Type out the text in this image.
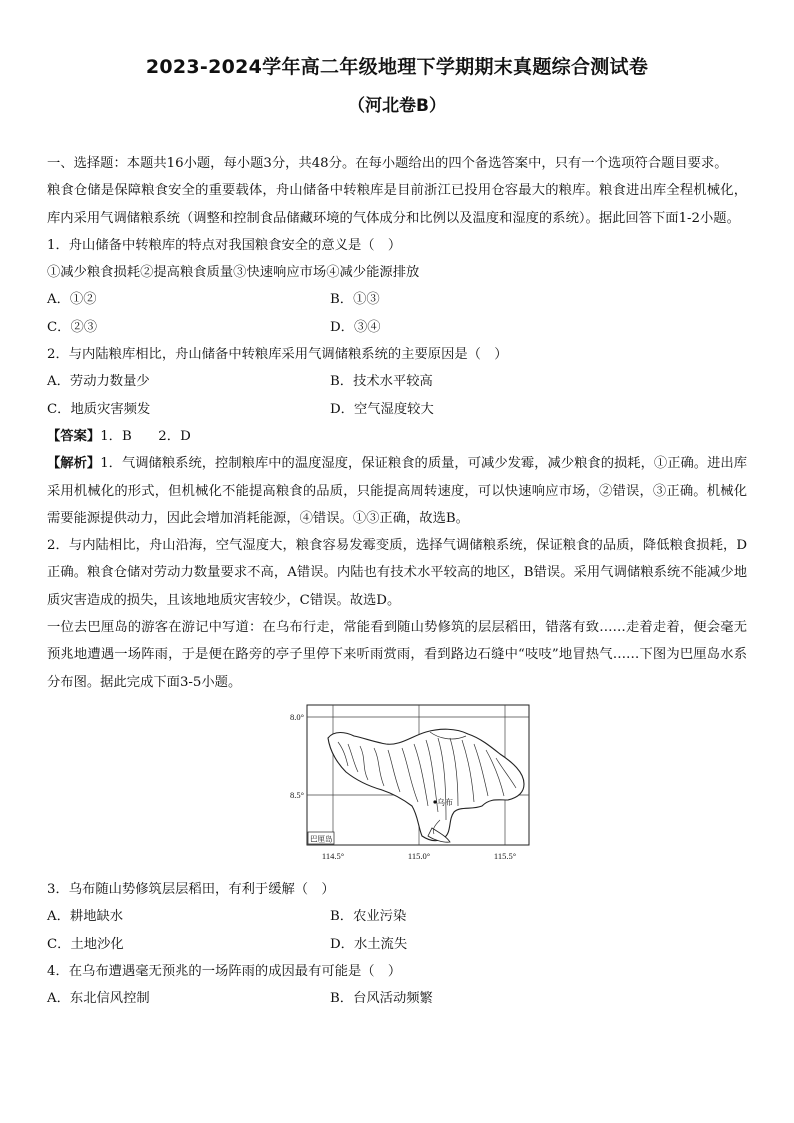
2023-2024学年高二年级地理下学期期末真题综合测试卷
（河北卷B）

一、选择题：本题共16小题，每小题3分，共48分。在每小题给出的四个备选答案中，只有一个选项符合题目要求。

粮食仓储是保障粮食安全的重要载体，舟山储备中转粮库是目前浙江已投用仓容最大的粮库。粮食进出库全程机械化，库内采用气调储粮系统（调整和控制食品储藏环境的气体成分和比例以及温度和湿度的系统）。据此回答下面1-2小题。

1．舟山储备中转粮库的特点对我国粮食安全的意义是（　）

①减少粮食损耗②提高粮食质量③快速响应市场④减少能源排放

A．①②	B．①③
C．②③	D．③④

2．与内陆粮库相比，舟山储备中转粮库采用气调储粮系统的主要原因是（　）

A．劳动力数量少	B．技术水平较高
C．地质灾害频发	D．空气湿度较大

【答案】1．B　　2．D

【解析】1．气调储粮系统，控制粮库中的温度湿度，保证粮食的质量，可减少发霉，减少粮食的损耗，①正确。进出库采用机械化的形式，但机械化不能提高粮食的品质，只能提高周转速度，可以快速响应市场，②错误，③正确。机械化需要能源提供动力，因此会增加消耗能源，④错误。①③正确，故选B。

2．与内陆相比，舟山沿海，空气湿度大，粮食容易发霉变质，选择气调储粮系统，保证粮食的品质，降低粮食损耗，D正确。粮食仓储对劳动力数量要求不高，A错误。内陆也有技术水平较高的地区，B错误。采用气调储粮系统不能减少地质灾害造成的损失，且该地地质灾害较少，C错误。故选D。

一位去巴厘岛的游客在游记中写道：在乌布行走，常能看到随山势修筑的层层稻田，错落有致……走着走着，便会毫无预兆地遭遇一场阵雨，于是便在路旁的亭子里停下来听雨赏雨，看到路边石缝中“吱吱”地冒热气……下图为巴厘岛水系分布图。据此完成下面3-5小题。

乌布
巴厘岛
8.0°
8.5°
114.5°	115.0°	115.5°

3．乌布随山势修筑层层稻田，有利于缓解（　）

A．耕地缺水	B．农业污染
C．土地沙化	D．水土流失

4．在乌布遭遇毫无预兆的一场阵雨的成因最有可能是（　）

A．东北信风控制	B．台风活动频繁
